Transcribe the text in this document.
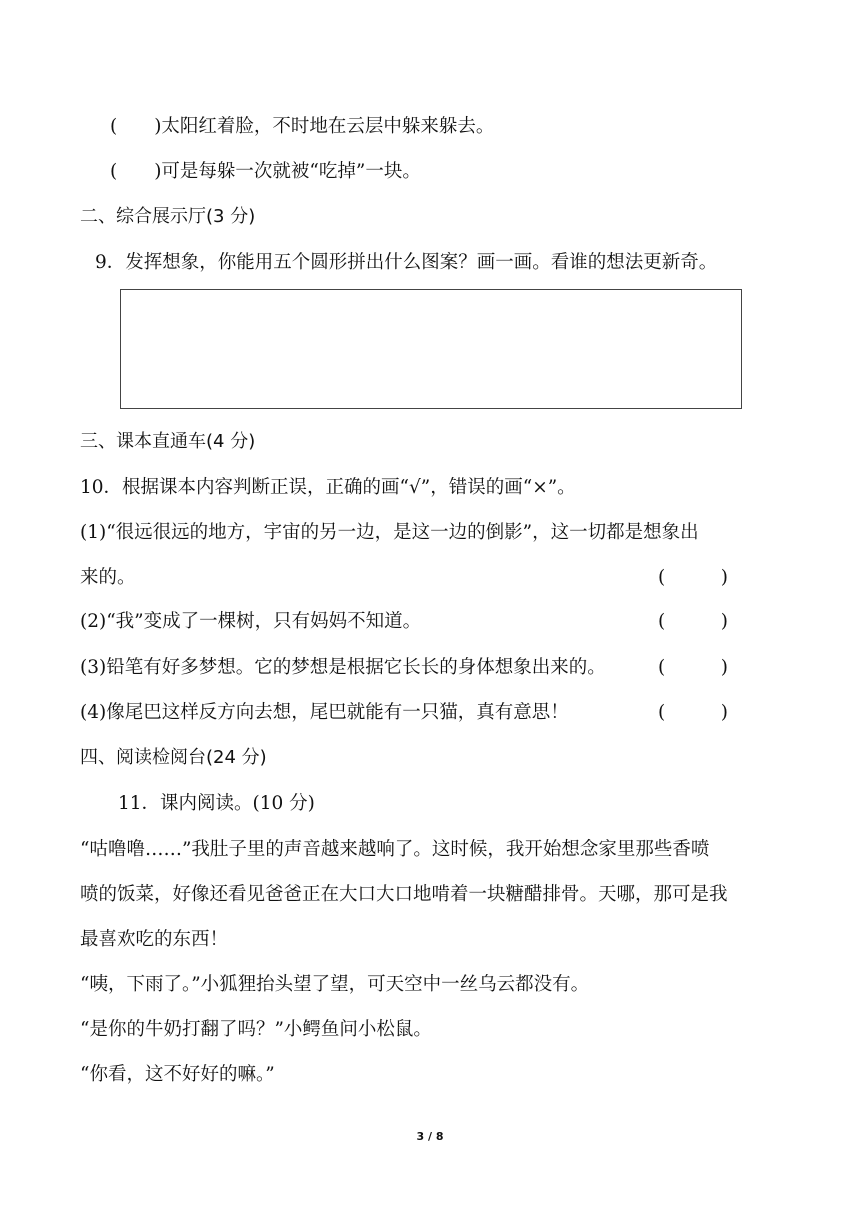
(　　)太阳红着脸，不时地在云层中躲来躲去。
(　　)可是每躲一次就被“吃掉”一块。
二、综合展示厅(3 分)
9．发挥想象，你能用五个圆形拼出什么图案？画一画。看谁的想法更新奇。
三、课本直通车(4 分)
10．根据课本内容判断正误，正确的画“√”，错误的画“×”。
(1)“很远很远的地方，宇宙的另一边，是这一边的倒影”，这一切都是想象出
来的。	(　　　)
(2)“我”变成了一棵树，只有妈妈不知道。	(　　　)
(3)铅笔有好多梦想。它的梦想是根据它长长的身体想象出来的。	(　　　)
(4)像尾巴这样反方向去想，尾巴就能有一只猫，真有意思！	(　　　)
四、阅读检阅台(24 分)
11．课内阅读。(10 分)
“咕噜噜……”我肚子里的声音越来越响了。这时候，我开始想念家里那些香喷
喷的饭菜，好像还看见爸爸正在大口大口地啃着一块糖醋排骨。天哪，那可是我
最喜欢吃的东西！
“咦，下雨了。”小狐狸抬头望了望，可天空中一丝乌云都没有。
“是你的牛奶打翻了吗？”小鳄鱼问小松鼠。
“你看，这不好好的嘛。”
3 / 8
